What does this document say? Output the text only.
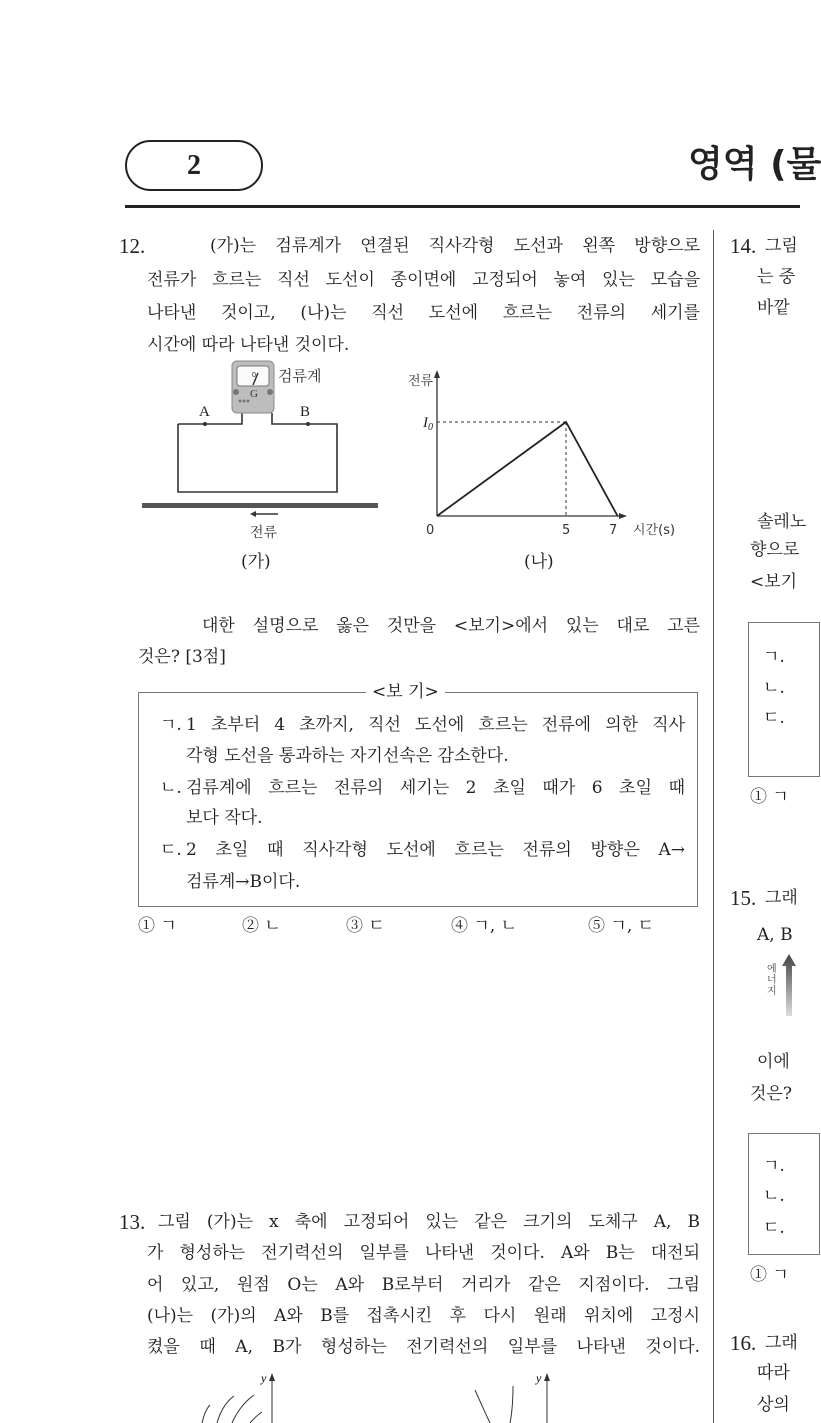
2	영역 (물
12.	(가)는 검류계가 연결된 직사각형 도선과 왼쪽 방향으로
전류가 흐르는 직선 도선이 종이면에 고정되어 놓여 있는 모습을
나타낸 것이고, (나)는 직선 도선에 흐르는 전류의 세기를
시간에 따라 나타낸 것이다.
G
0 검류계
A	B
전류
(가)
전류
$I_0$
0	5	7 시간(s)
(나)
대한 설명으로 옳은 것만을 <보기>에서 있는 대로 고른
것은? [3점]
<보 기>
ㄱ. 1 초부터 4 초까지, 직선 도선에 흐르는 전류에 의한 직사
각형 도선을 통과하는 자기선속은 감소한다.
ㄴ. 검류계에 흐르는 전류의 세기는 2 초일 때가 6 초일 때
보다 작다.
ㄷ. 2 초일 때 직사각형 도선에 흐르는 전류의 방향은 A→
검류계→B이다.
① ㄱ	② ㄴ	③ ㄷ	④ ㄱ, ㄴ	⑤ ㄱ, ㄷ
13. 그림 (가)는 x 축에 고정되어 있는 같은 크기의 도체구 A, B
가 형성하는 전기력선의 일부를 나타낸 것이다. A와 B는 대전되
어 있고, 원점 O는 A와 B로부터 거리가 같은 지점이다. 그림
(나)는 (가)의 A와 B를 접촉시킨 후 다시 원래 위치에 고정시
켰을 때 A, B가 형성하는 전기력선의 일부를 나타낸 것이다.
y	y
14. 그림
는 중
바깥
솔레노
향으로
<보기
ㄱ.
ㄴ.
ㄷ.
① ㄱ
15. 그래
A, B
에너지
이에
것은?
ㄱ.
ㄴ.
ㄷ.
① ㄱ
16. 그래
따라
상의
